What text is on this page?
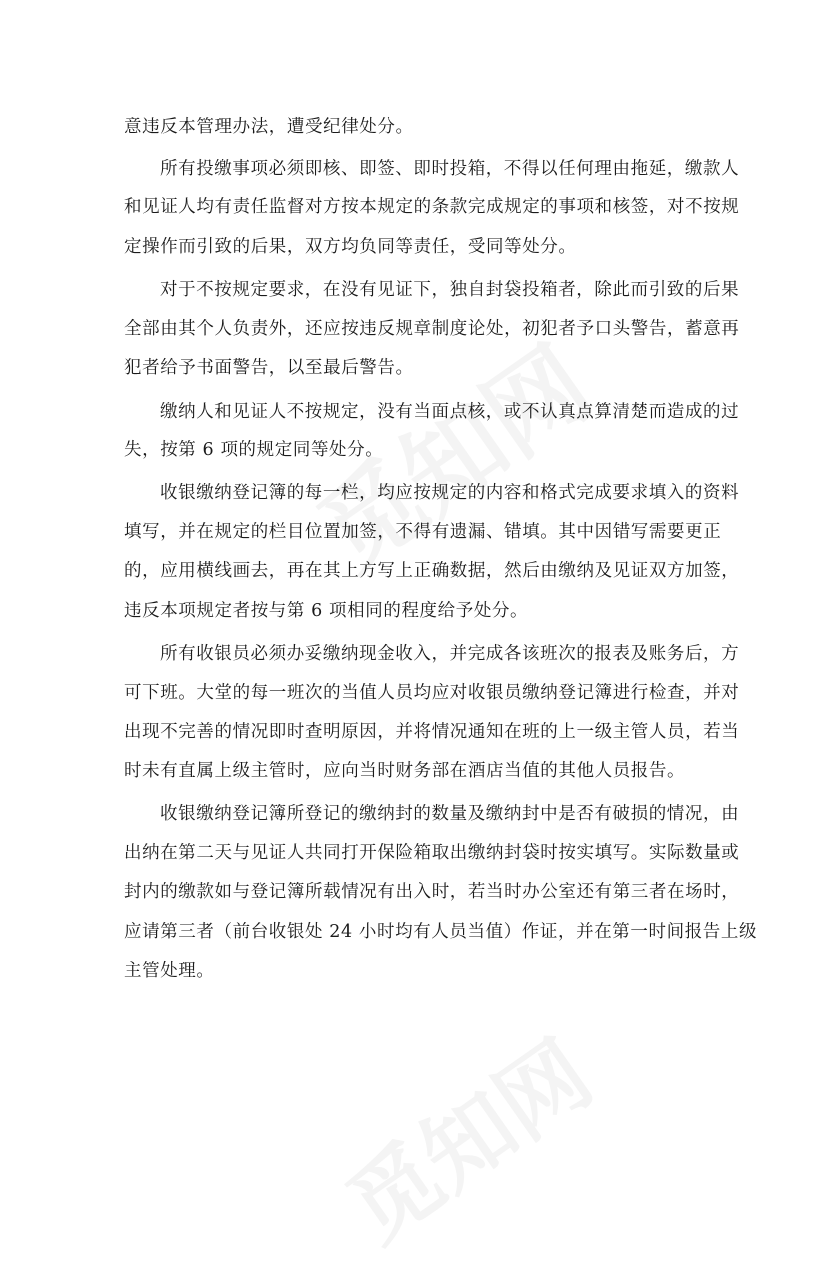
意违反本管理办法，遭受纪律处分。
所有投缴事项必须即核、即签、即时投箱，不得以任何理由拖延，缴款人
和见证人均有责任监督对方按本规定的条款完成规定的事项和核签，对不按规
定操作而引致的后果，双方均负同等责任，受同等处分。
对于不按规定要求，在没有见证下，独自封袋投箱者，除此而引致的后果
全部由其个人负责外，还应按违反规章制度论处，初犯者予口头警告，蓄意再
犯者给予书面警告，以至最后警告。
缴纳人和见证人不按规定，没有当面点核，或不认真点算清楚而造成的过
失，按第 6 项的规定同等处分。
收银缴纳登记簿的每一栏，均应按规定的内容和格式完成要求填入的资料
填写，并在规定的栏目位置加签，不得有遗漏、错填。其中因错写需要更正
的，应用横线画去，再在其上方写上正确数据，然后由缴纳及见证双方加签，
违反本项规定者按与第 6 项相同的程度给予处分。
所有收银员必须办妥缴纳现金收入，并完成各该班次的报表及账务后，方
可下班。大堂的每一班次的当值人员均应对收银员缴纳登记簿进行检查，并对
出现不完善的情况即时查明原因，并将情况通知在班的上一级主管人员，若当
时未有直属上级主管时，应向当时财务部在酒店当值的其他人员报告。
收银缴纳登记簿所登记的缴纳封的数量及缴纳封中是否有破损的情况，由
出纳在第二天与见证人共同打开保险箱取出缴纳封袋时按实填写。实际数量或
封内的缴款如与登记簿所载情况有出入时，若当时办公室还有第三者在场时，
应请第三者（前台收银处 24 小时均有人员当值）作证，并在第一时间报告上级
主管处理。
